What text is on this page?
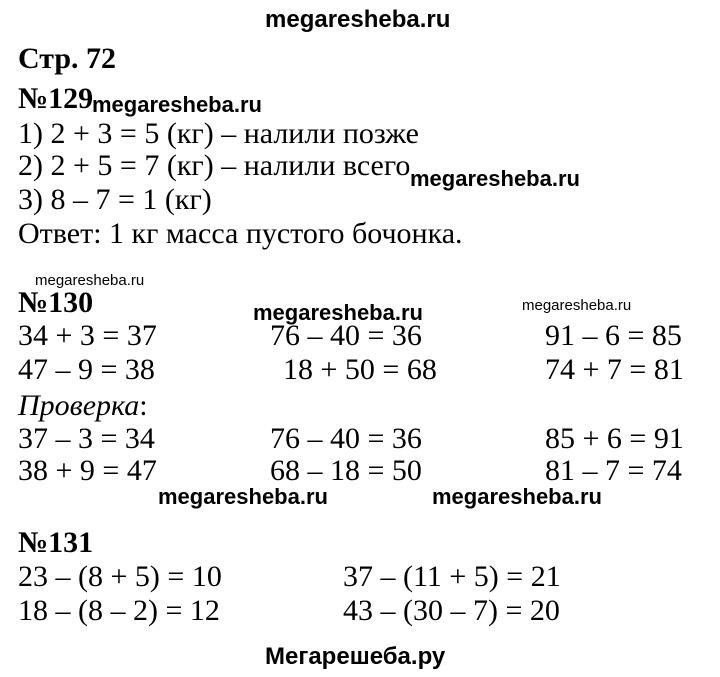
megaresheba.ru
megaresheba.ru
megaresheba.ru
megaresheba.ru
megaresheba.ru	megaresheba.ru
megaresheba.ru	megaresheba.ru
Мегарешеба.ру
Стр. 72
№129
1) 2 + 3 = 5 (кг) – налили позже
2) 2 + 5 = 7 (кг) – налили всего
3) 8 – 7 = 1 (кг)
Ответ: 1 кг масса пустого бочонка.
№130
34 + 3 = 37	76 – 40 = 36	91 – 6 = 85
47 – 9 = 38	18 + 50 = 68	74 + 7 = 81
Проверка:
37 – 3 = 34	76 – 40 = 36	85 + 6 = 91
38 + 9 = 47	68 – 18 = 50	81 – 7 = 74
№131
23 – (8 + 5) = 10	37 – (11 + 5) = 21
18 – (8 – 2) = 12	43 – (30 – 7) = 20
